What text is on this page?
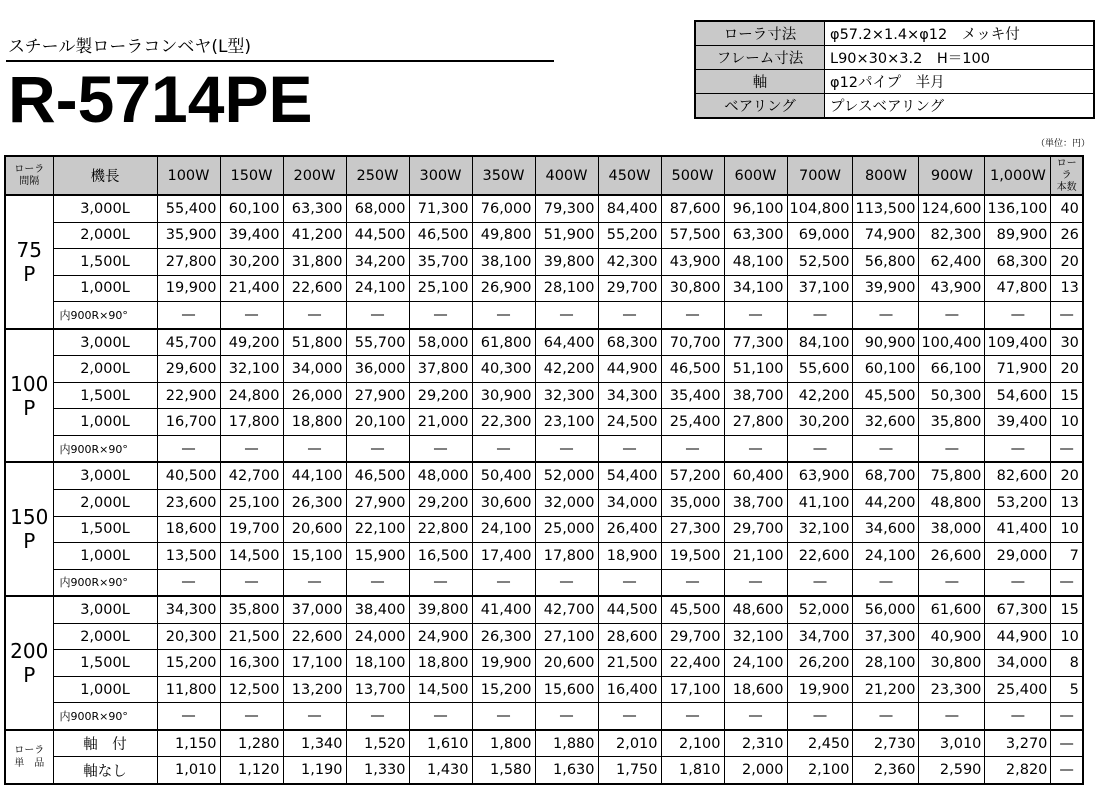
スチール製ローラコンベヤ(L型)
R-5714PE
ローラ寸法	φ57.2×1.4×φ12　メッキ付
フレーム寸法	L90×30×3.2　H＝100
軸	φ12パイプ　半月
ベアリング	プレスベアリング
（単位：円）
ローラ
間隔	機長	100W	150W	200W	250W	300W	350W	400W	450W	500W	600W	700W	800W	900W	1,000W	ローラ
本数

75
P	3,000L	55,400	60,100	63,300	68,000	71,300	76,000	79,300	84,400	87,600	96,100	104,800	113,500	124,600	136,100	40
	2,000L	35,900	39,400	41,200	44,500	46,500	49,800	51,900	55,200	57,500	63,300	69,000	74,900	82,300	89,900	26
	1,500L	27,800	30,200	31,800	34,200	35,700	38,100	39,800	42,300	43,900	48,100	52,500	56,800	62,400	68,300	20
	1,000L	19,900	21,400	22,600	24,100	25,100	26,900	28,100	29,700	30,800	34,100	37,100	39,900	43,900	47,800	13
	内900R×90°	—	—	—	—	—	—	—	—	—	—	—	—	—	—	—

100
P	3,000L	45,700	49,200	51,800	55,700	58,000	61,800	64,400	68,300	70,700	77,300	84,100	90,900	100,400	109,400	30
	2,000L	29,600	32,100	34,000	36,000	37,800	40,300	42,200	44,900	46,500	51,100	55,600	60,100	66,100	71,900	20
	1,500L	22,900	24,800	26,000	27,900	29,200	30,900	32,300	34,300	35,400	38,700	42,200	45,500	50,300	54,600	15
	1,000L	16,700	17,800	18,800	20,100	21,000	22,300	23,100	24,500	25,400	27,800	30,200	32,600	35,800	39,400	10
	内900R×90°	—	—	—	—	—	—	—	—	—	—	—	—	—	—	—

150
P	3,000L	40,500	42,700	44,100	46,500	48,000	50,400	52,000	54,400	57,200	60,400	63,900	68,700	75,800	82,600	20
	2,000L	23,600	25,100	26,300	27,900	29,200	30,600	32,000	34,000	35,000	38,700	41,100	44,200	48,800	53,200	13
	1,500L	18,600	19,700	20,600	22,100	22,800	24,100	25,000	26,400	27,300	29,700	32,100	34,600	38,000	41,400	10
	1,000L	13,500	14,500	15,100	15,900	16,500	17,400	17,800	18,900	19,500	21,100	22,600	24,100	26,600	29,000	7
	内900R×90°	—	—	—	—	—	—	—	—	—	—	—	—	—	—	—

200
P	3,000L	34,300	35,800	37,000	38,400	39,800	41,400	42,700	44,500	45,500	48,600	52,000	56,000	61,600	67,300	15
	2,000L	20,300	21,500	22,600	24,000	24,900	26,300	27,100	28,600	29,700	32,100	34,700	37,300	40,900	44,900	10
	1,500L	15,200	16,300	17,100	18,100	18,800	19,900	20,600	21,500	22,400	24,100	26,200	28,100	30,800	34,000	8
	1,000L	11,800	12,500	13,200	13,700	14,500	15,200	15,600	16,400	17,100	18,600	19,900	21,200	23,300	25,400	5
	内900R×90°	—	—	—	—	—	—	—	—	—	—	—	—	—	—	—

ローラ
単　品	軸　付	1,150	1,280	1,340	1,520	1,610	1,800	1,880	2,010	2,100	2,310	2,450	2,730	3,010	3,270	—
	軸なし	1,010	1,120	1,190	1,330	1,430	1,580	1,630	1,750	1,810	2,000	2,100	2,360	2,590	2,820	—
